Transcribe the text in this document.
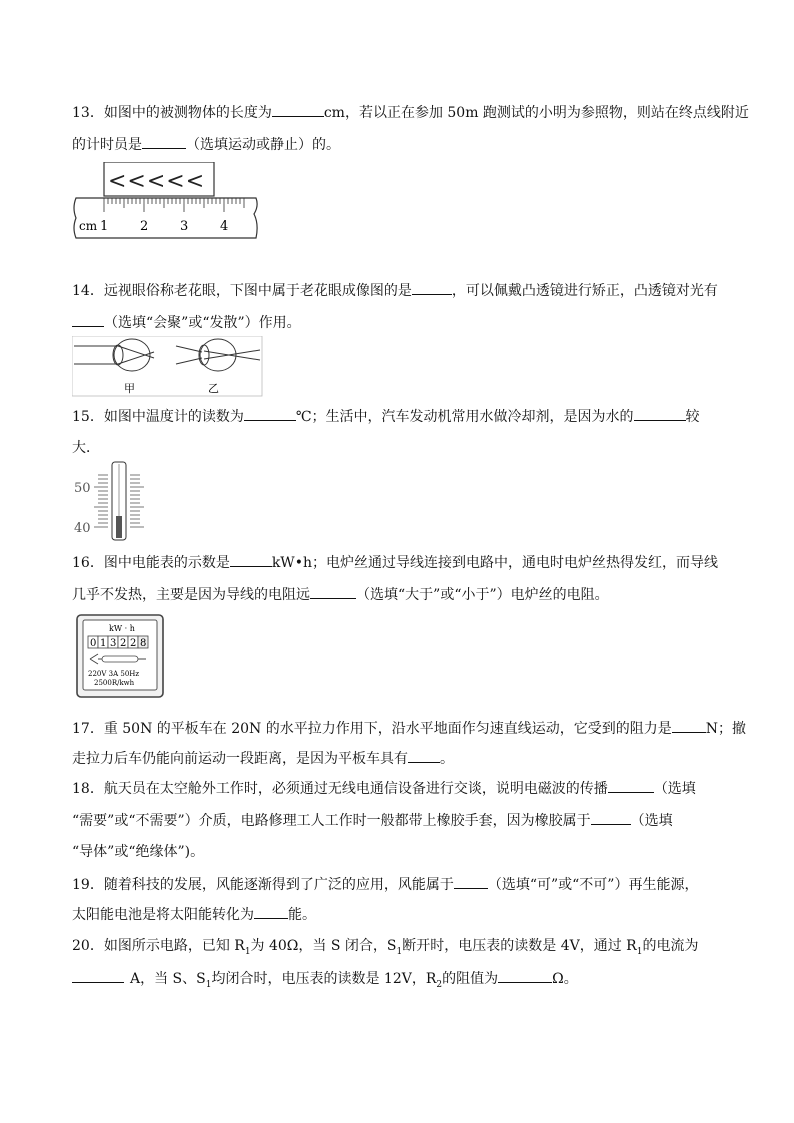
13．如图中的被测物体的长度为	cm，若以正在参加 50m 跑测试的小明为参照物，则站在终点线附近
的计时员是	（选填运动或静止）的。
<<<<<
cm 1 2 3 4
14．远视眼俗称老花眼，下图中属于老花眼成像图的是	，可以佩戴凸透镜进行矫正，凸透镜对光有
（选填“会聚”或“发散”）作用。
甲	乙
15．如图中温度计的读数为	℃；生活中，汽车发动机常用水做冷却剂，是因为水的	较
大．
50
40
16．图中电能表的示数是	kW•h；电炉丝通过导线连接到电路中，通电时电炉丝热得发红，而导线
几乎不发热，主要是因为导线的电阻远	（选填“大于”或“小于”）电炉丝的电阻。
kW · h
0 1 3 2 2 8
220V 3A 50Hz
2500R/kwh
17．重 50N 的平板车在 20N 的水平拉力作用下，沿水平地面作匀速直线运动，它受到的阻力是 N；撤
走拉力后车仍能向前运动一段距离，是因为平板车具有 。
18．航天员在太空舱外工作时，必须通过无线电通信设备进行交谈，说明电磁波的传播	（选填
“需要”或“不需要”）介质，电路修理工人工作时一般都带上橡胶手套，因为橡胶属于	（选填
“导体”或“绝缘体”)。
19．随着科技的发展，风能逐渐得到了广泛的应用，风能属于 （选填“可”或“不可”）再生能源，
太阳能电池是将太阳能转化为 能。
20．如图所示电路，已知 $R_1$为 40Ω，当 S 闭合，$S_1$断开时，电压表的读数是 4V，通过 $R_1$的电流为
A，当 S、$S_1$均闭合时，电压表的读数是 12V，$R_2$的阻值为	Ω。
